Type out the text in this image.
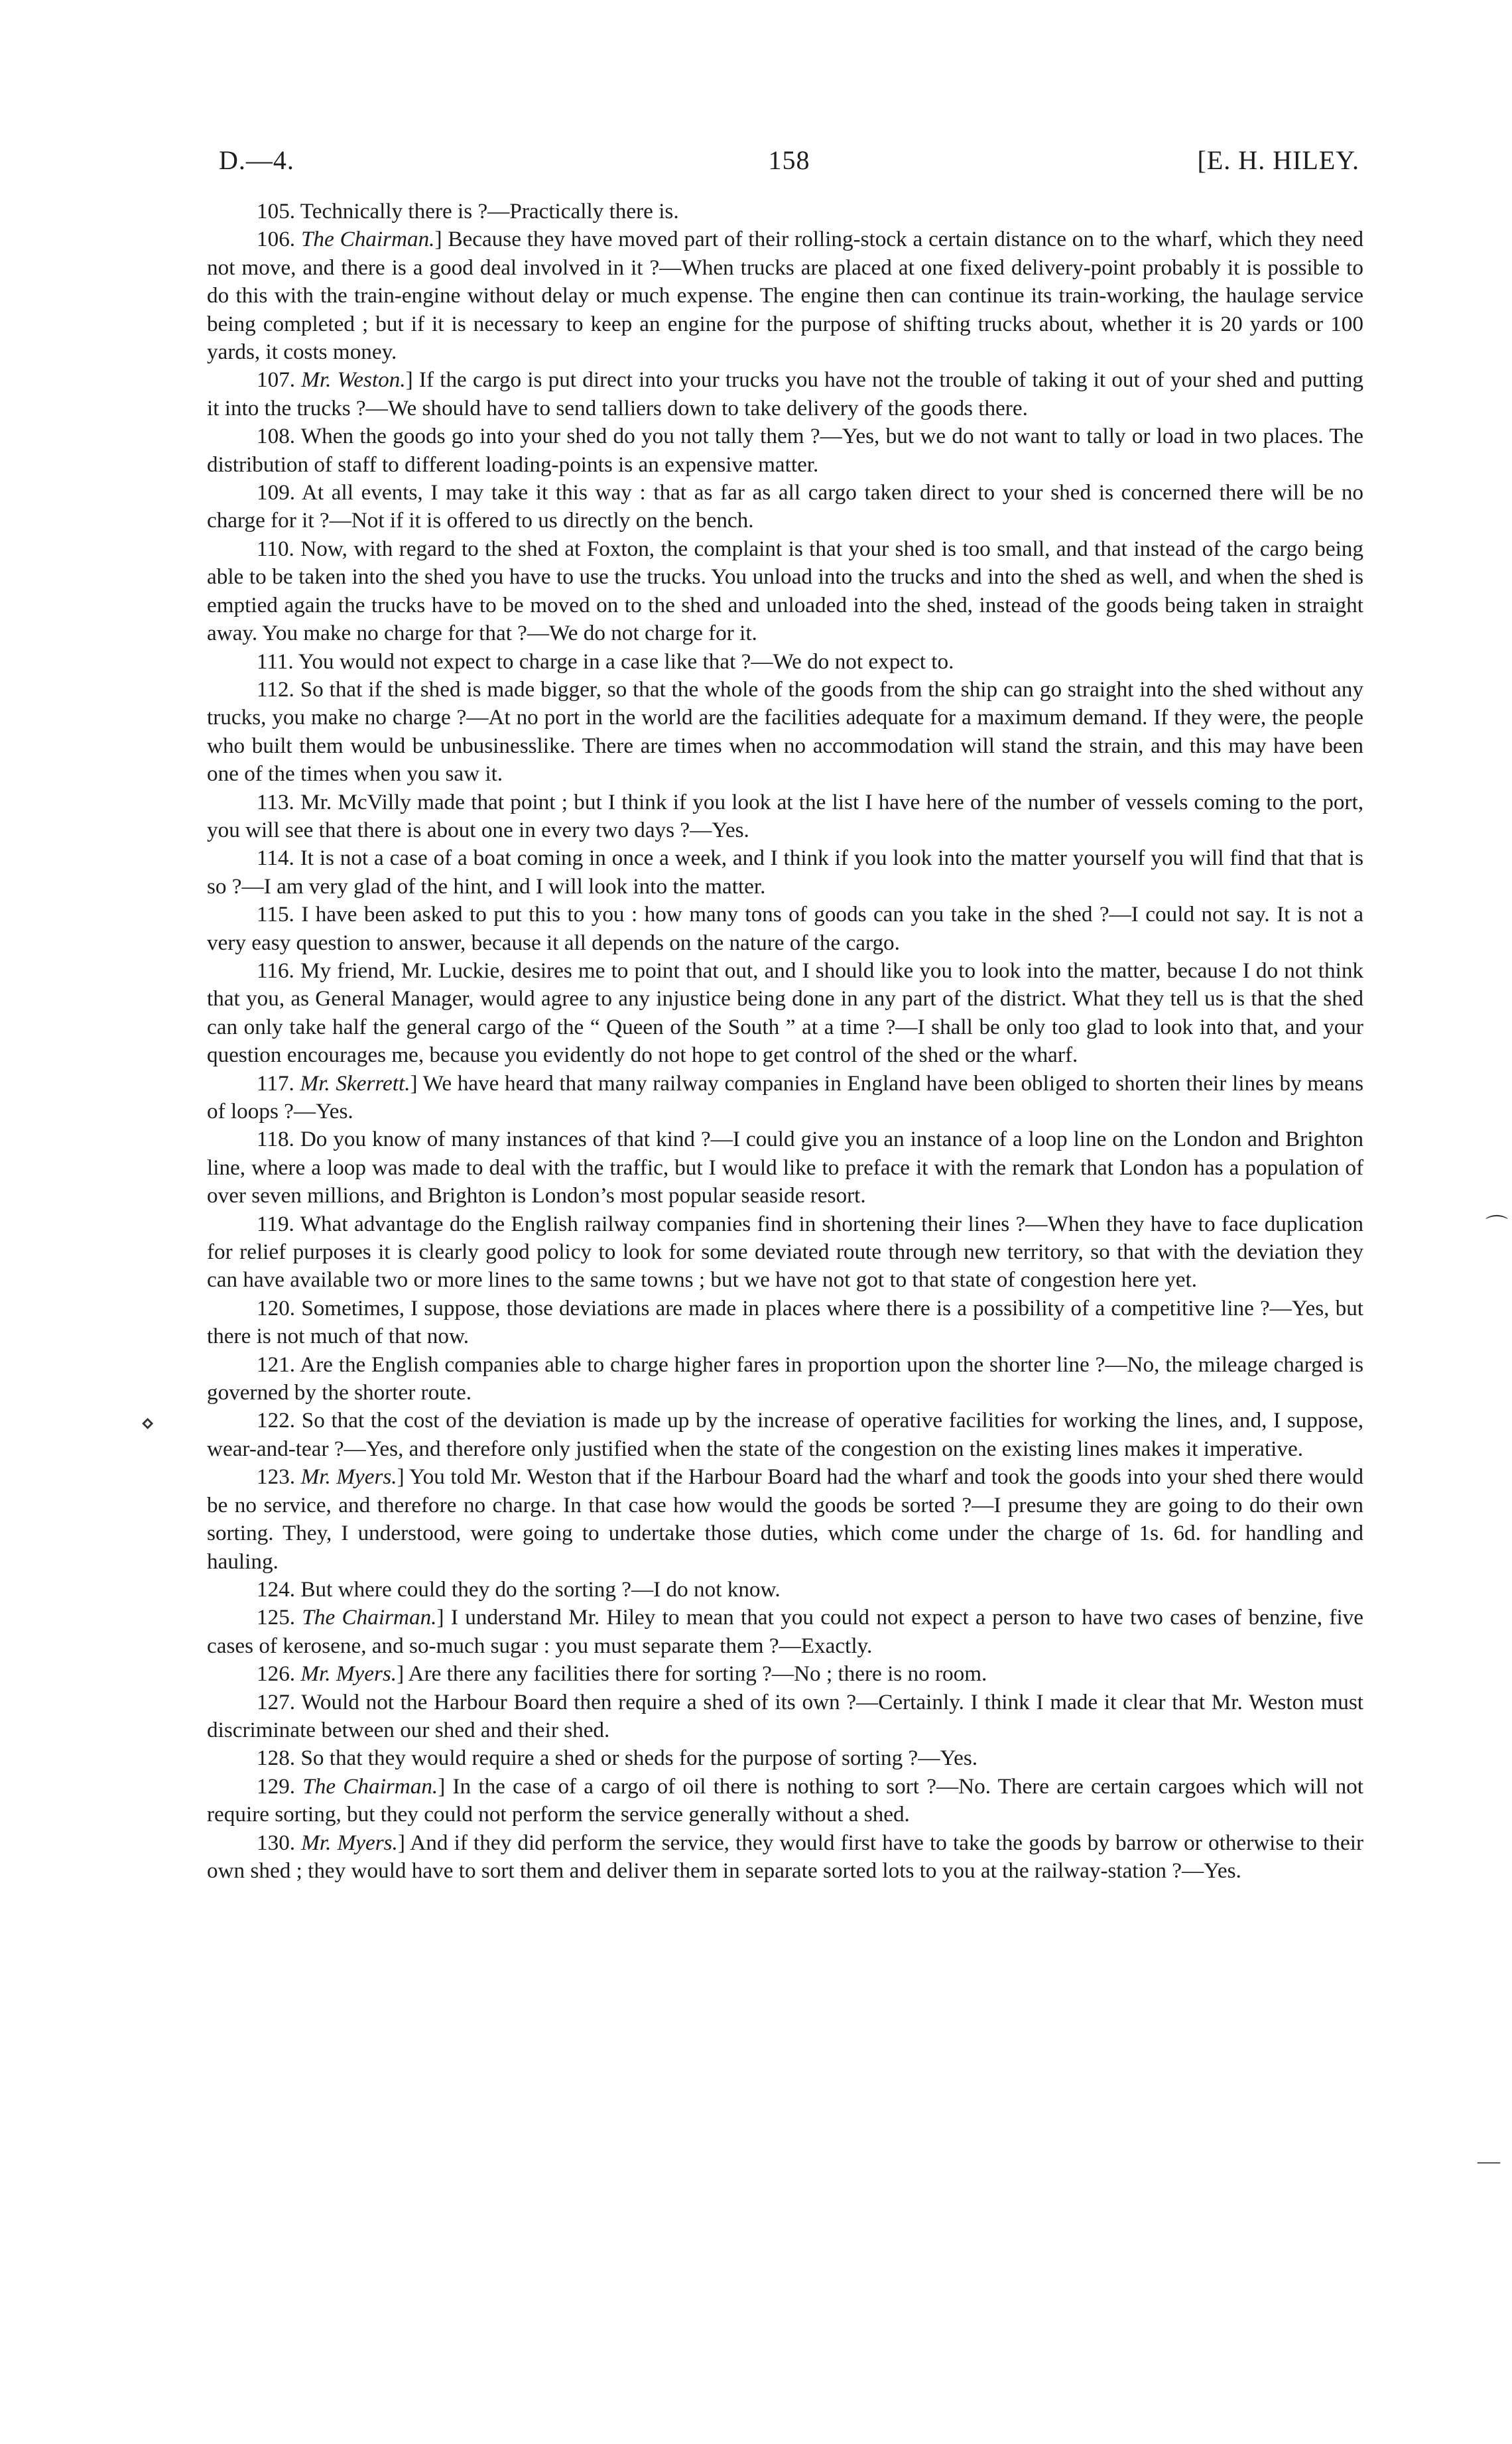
D.—4.	158	[E. H. HILEY.
⌒
⋄
―

105. Technically there is ?—Practically there is.

106. The Chairman.] Because they have moved part of their rolling-stock a certain distance on to the wharf, which they need not move, and there is a good deal involved in it ?—When trucks are placed at one fixed delivery-point probably it is possible to do this with the train-engine without delay or much expense. The engine then can continue its train-working, the haulage service being completed ; but if it is necessary to keep an engine for the purpose of shifting trucks about, whether it is 20 yards or 100 yards, it costs money.

107. Mr. Weston.] If the cargo is put direct into your trucks you have not the trouble of taking it out of your shed and putting it into the trucks ?—We should have to send talliers down to take delivery of the goods there.

108. When the goods go into your shed do you not tally them ?—Yes, but we do not want to tally or load in two places. The distribution of staff to different loading-points is an expensive matter.

109. At all events, I may take it this way : that as far as all cargo taken direct to your shed is concerned there will be no charge for it ?—Not if it is offered to us directly on the bench.

110. Now, with regard to the shed at Foxton, the complaint is that your shed is too small, and that instead of the cargo being able to be taken into the shed you have to use the trucks. You unload into the trucks and into the shed as well, and when the shed is emptied again the trucks have to be moved on to the shed and unloaded into the shed, instead of the goods being taken in straight away. You make no charge for that ?—We do not charge for it.

111. You would not expect to charge in a case like that ?—We do not expect to.

112. So that if the shed is made bigger, so that the whole of the goods from the ship can go straight into the shed without any trucks, you make no charge ?—At no port in the world are the facilities adequate for a maximum demand. If they were, the people who built them would be unbusinesslike. There are times when no accommodation will stand the strain, and this may have been one of the times when you saw it.

113. Mr. McVilly made that point ; but I think if you look at the list I have here of the number of vessels coming to the port, you will see that there is about one in every two days ?—Yes.

114. It is not a case of a boat coming in once a week, and I think if you look into the matter yourself you will find that that is so ?—I am very glad of the hint, and I will look into the matter.

115. I have been asked to put this to you : how many tons of goods can you take in the shed ?—I could not say. It is not a very easy question to answer, because it all depends on the nature of the cargo.

116. My friend, Mr. Luckie, desires me to point that out, and I should like you to look into the matter, because I do not think that you, as General Manager, would agree to any injustice being done in any part of the district. What they tell us is that the shed can only take half the general cargo of the “ Queen of the South ” at a time ?—I shall be only too glad to look into that, and your question encourages me, because you evidently do not hope to get control of the shed or the wharf.

117. Mr. Skerrett.] We have heard that many railway companies in England have been obliged to shorten their lines by means of loops ?—Yes.

118. Do you know of many instances of that kind ?—I could give you an instance of a loop line on the London and Brighton line, where a loop was made to deal with the traffic, but I would like to preface it with the remark that London has a population of over seven millions, and Brighton is London’s most popular seaside resort.

119. What advantage do the English railway companies find in shortening their lines ?—When they have to face duplication for relief purposes it is clearly good policy to look for some deviated route through new territory, so that with the deviation they can have available two or more lines to the same towns ; but we have not got to that state of congestion here yet.

120. Sometimes, I suppose, those deviations are made in places where there is a possibility of a competitive line ?—Yes, but there is not much of that now.

121. Are the English companies able to charge higher fares in proportion upon the shorter line ?—No, the mileage charged is governed by the shorter route.

122. So that the cost of the deviation is made up by the increase of operative facilities for working the lines, and, I suppose, wear-and-tear ?—Yes, and therefore only justified when the state of the congestion on the existing lines makes it imperative.

123. Mr. Myers.] You told Mr. Weston that if the Harbour Board had the wharf and took the goods into your shed there would be no service, and therefore no charge. In that case how would the goods be sorted ?—I presume they are going to do their own sorting. They, I understood, were going to undertake those duties, which come under the charge of 1s. 6d. for handling and hauling.

124. But where could they do the sorting ?—I do not know.

125. The Chairman.] I understand Mr. Hiley to mean that you could not expect a person to have two cases of benzine, five cases of kerosene, and so-much sugar : you must separate them ?—Exactly.

126. Mr. Myers.] Are there any facilities there for sorting ?—No ; there is no room.

127. Would not the Harbour Board then require a shed of its own ?—Certainly. I think I made it clear that Mr. Weston must discriminate between our shed and their shed.

128. So that they would require a shed or sheds for the purpose of sorting ?—Yes.

129. The Chairman.] In the case of a cargo of oil there is nothing to sort ?—No. There are certain cargoes which will not require sorting, but they could not perform the service generally without a shed.

130. Mr. Myers.] And if they did perform the service, they would first have to take the goods by barrow or otherwise to their own shed ; they would have to sort them and deliver them in separate sorted lots to you at the railway-station ?—Yes.
